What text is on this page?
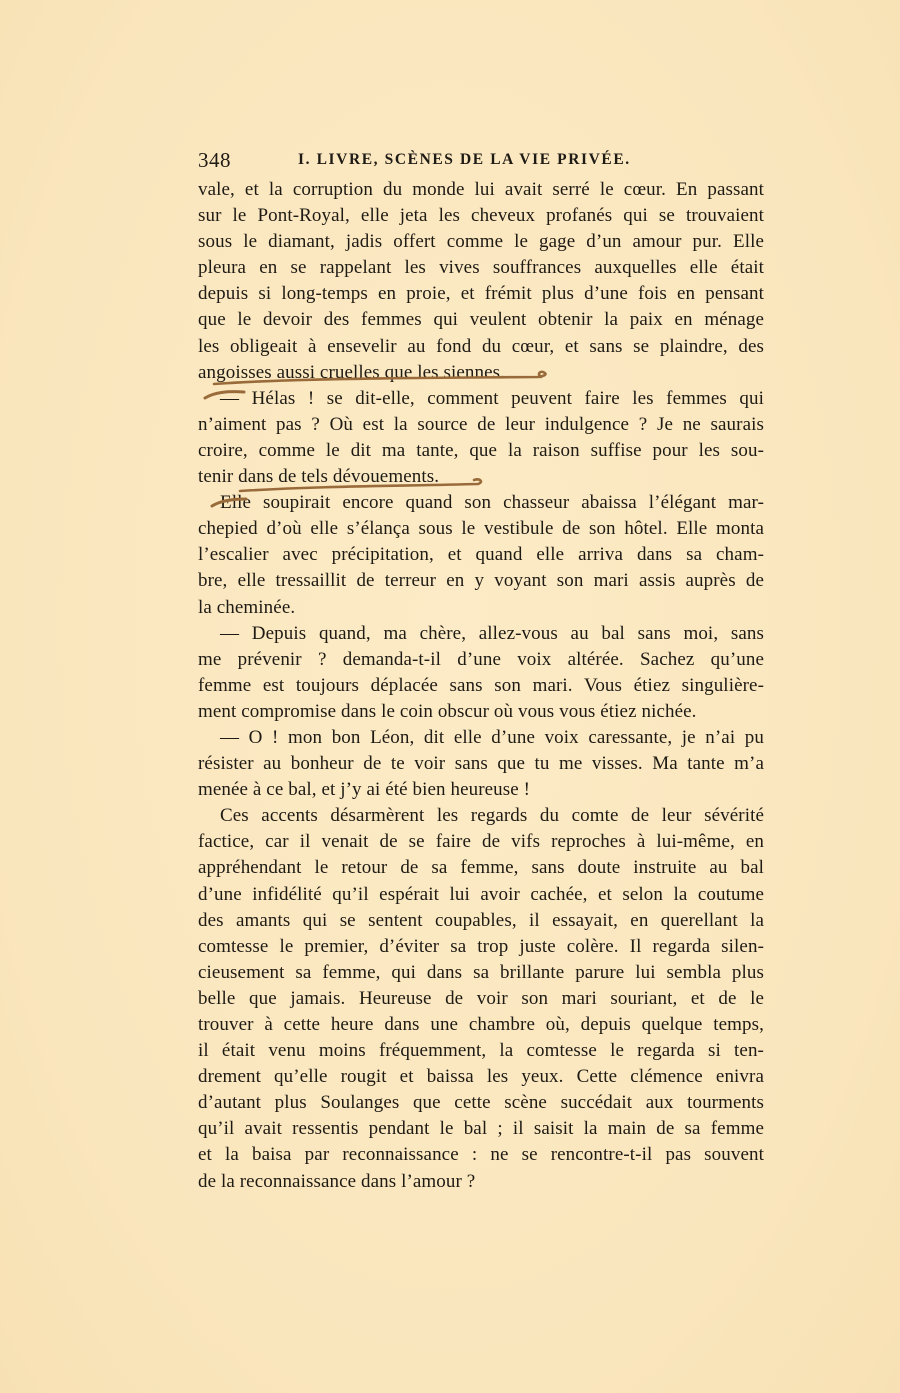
348	I. LIVRE, SCÈNES DE LA VIE PRIVÉE.
vale, et la corruption du monde lui avait serré le cœur. En passant
sur le Pont-Royal, elle jeta les cheveux profanés qui se trouvaient
sous le diamant, jadis offert comme le gage d’un amour pur. Elle
pleura en se rappelant les vives souffrances auxquelles elle était
depuis si long-temps en proie, et frémit plus d’une fois en pensant
que le devoir des femmes qui veulent obtenir la paix en ménage
les obligeait à ensevelir au fond du cœur, et sans se plaindre, des
angoisses aussi cruelles que les siennes.
— Hélas ! se dit-elle, comment peuvent faire les femmes qui
n’aiment pas ? Où est la source de leur indulgence ? Je ne saurais
croire, comme le dit ma tante, que la raison suffise pour les sou-
tenir dans de tels dévouements.
Elle soupirait encore quand son chasseur abaissa l’élégant mar-
chepied d’où elle s’élança sous le vestibule de son hôtel. Elle monta
l’escalier avec précipitation, et quand elle arriva dans sa cham-
bre, elle tressaillit de terreur en y voyant son mari assis auprès de
la cheminée.
— Depuis quand, ma chère, allez-vous au bal sans moi, sans
me prévenir ? demanda-t-il d’une voix altérée. Sachez qu’une
femme est toujours déplacée sans son mari. Vous étiez singulière-
ment compromise dans le coin obscur où vous vous étiez nichée.
— O ! mon bon Léon, dit elle d’une voix caressante, je n’ai pu
résister au bonheur de te voir sans que tu me visses. Ma tante m’a
menée à ce bal, et j’y ai été bien heureuse !
Ces accents désarmèrent les regards du comte de leur sévérité
factice, car il venait de se faire de vifs reproches à lui-même, en
appréhendant le retour de sa femme, sans doute instruite au bal
d’une infidélité qu’il espérait lui avoir cachée, et selon la coutume
des amants qui se sentent coupables, il essayait, en querellant la
comtesse le premier, d’éviter sa trop juste colère. Il regarda silen-
cieusement sa femme, qui dans sa brillante parure lui sembla plus
belle que jamais. Heureuse de voir son mari souriant, et de le
trouver à cette heure dans une chambre où, depuis quelque temps,
il était venu moins fréquemment, la comtesse le regarda si ten-
drement qu’elle rougit et baissa les yeux. Cette clémence enivra
d’autant plus Soulanges que cette scène succédait aux tourments
qu’il avait ressentis pendant le bal ; il saisit la main de sa femme
et la baisa par reconnaissance : ne se rencontre-t-il pas souvent
de la reconnaissance dans l’amour ?
